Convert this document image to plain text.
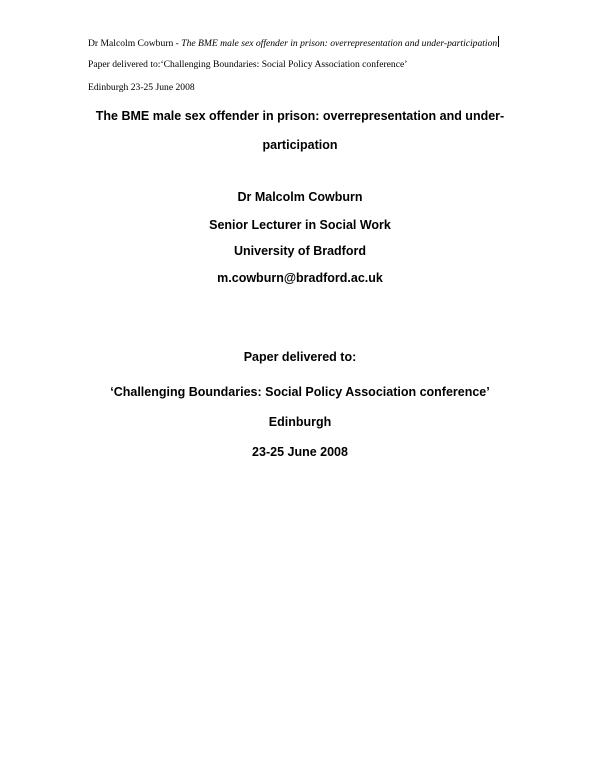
Dr Malcolm Cowburn - The BME male sex offender in prison: overrepresentation and under-participation
Paper delivered to:‘Challenging Boundaries: Social Policy Association conference’
Edinburgh 23-25 June 2008
The BME male sex offender in prison: overrepresentation and under-
participation
Dr Malcolm Cowburn
Senior Lecturer in Social Work
University of Bradford
m.cowburn@bradford.ac.uk
Paper delivered to:
‘Challenging Boundaries: Social Policy Association conference’
Edinburgh
23-25 June 2008
